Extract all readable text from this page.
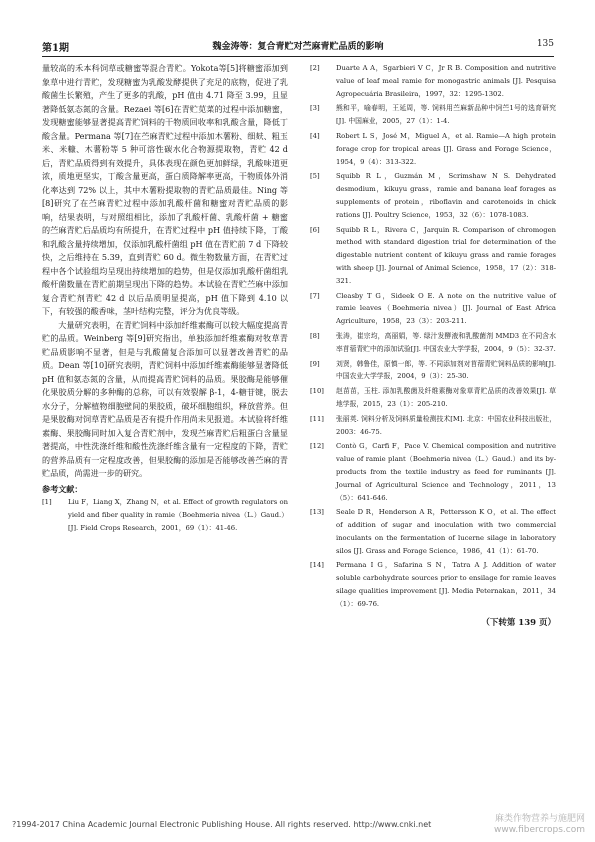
第1期	魏金涛等：复合青贮对苎麻青贮品质的影响	135

量较高的禾本科饲草或糖蜜等混合青贮。Yokota等[5]将糖蜜添加到象草中进行青贮，发现糖蜜为乳酸发酵提供了充足的底物，促进了乳酸菌生长繁殖，产生了更多的乳酸，pH 值由 4.71 降至 3.99，且显著降低氨态氮的含量。Rezaei 等[6]在青贮苋菜的过程中添加糖蜜，发现糖蜜能够显著提高青贮饲料的干物质回收率和乳酸含量，降低丁酸含量。Permana 等[7]在苎麻青贮过程中添加木薯粉、细麸、粗玉米、米糠、木薯粉等 5 种可溶性碳水化合物源提取物，青贮 42 d 后，青贮品质得到有效提升，具体表现在颜色更加鲜绿，乳酸味道更浓，质地更坚实，丁酸含量更高，蛋白质降解率更高，干物质体外消化率达到 72% 以上，其中木薯粉提取物的青贮品质最佳。Ning 等[8]研究了在苎麻青贮过程中添加乳酸杆菌和糖蜜对青贮品质的影响，结果表明，与对照组相比，添加了乳酸杆菌、乳酸杆菌 + 糖蜜的苎麻青贮后品质均有所提升，在青贮过程中 pH 值持续下降，丁酸和乳酸含量持续增加，仅添加乳酸杆菌组 pH 值在青贮前 7 d 下降较快，之后维持在 5.39，直到青贮 60 d。微生物数量方面，在青贮过程中各个试验组均呈现出持续增加的趋势，但是仅添加乳酸杆菌组乳酸杆菌数量在青贮前期呈现出下降的趋势。本试验在青贮苎麻中添加复合青贮剂青贮 42 d 以后品质明显提高，pH 值下降到 4.10 以下，有较强的酸香味，茎叶结构完整，评分为优良等级。

大量研究表明，在青贮饲料中添加纤维素酶可以较大幅度提高青贮的品质。Weinberg 等[9]研究指出，单独添加纤维素酶对牧草青贮品质影响不显著，但是与乳酸菌复合添加可以显著改善青贮的品质。Dean 等[10]研究表明，青贮饲料中添加纤维素酶能够显著降低 pH 值和氨态氮的含量，从而提高青贮饲料的品质。果胶酶是能够催化果胶质分解的多种酶的总称，可以有效裂解 β-1，4-糖苷键，脱去水分子，分解植物细胞壁间的果胶质，破坏细胞组织，释放营养。但是果胶酶对饲草青贮品质是否有提升作用尚未见报道。本试验将纤维素酶、果胶酶同时加入复合青贮剂中，发现苎麻青贮后粗蛋白含量显著提高，中性洗涤纤维和酸性洗涤纤维含量有一定程度的下降，青贮的营养品质有一定程度改善，但果胶酶的添加是否能够改善苎麻的青贮品质，尚需进一步的研究。

参考文献：

[1] Liu F，Liang X，Zhang N，et al. Effect of growth regulators on yield and fiber quality in ramie（Boehmeria nivea（L.）Gaud.）[J]. Field Crops Research，2001，69（1）：41-46.
[2] Duarte A A，Sgarbieri V C，Jr R B. Composition and nutritive value of leaf meal ramie for monogastric animals [J]. Pesquisa Agropecuária Brasileira，1997，32：1295-1302.
[3] 熊和平，喻春明，王延周，等. 饲料用苎麻新品种中饲苎1号的选育研究[J]. 中国麻业，2005，27（1）：1-4.
[4] Robert L S，José M，Miguel A，et al. Ramie—A high protein forage crop for tropical areas [J]. Grass and Forage Science，1954，9（4）：313-322.
[5] Squibb R L，Guzmán M，Scrimshaw N S. Dehydrated desmodium，kikuyu grass，ramie and banana leaf forages as supplements of protein，riboflavin and carotenoids in chick rations [J]. Poultry Science，1953，32（6）：1078-1083.
[6] Squibb R L，Rivera C，Jarquin R. Comparison of chromogen method with standard digestion trial for determination of the digestable nutrient content of kikuyu grass and ramie forages with sheep [J]. Journal of Animal Science，1958，17（2）：318-321.
[7] Cleasby T G，Sideek O E. A note on the nutritive value of ramie leaves（Boehmeria nivea）[J]. Journal of East Africa Agriculture，1958，23（3）：203-211.
[8] 张涛，崔宗均，高丽娟，等. 绿汁发酵液和乳酸菌剂 MMD3 在不同含水率苜蓿青贮中的添加试验[J]. 中国农业大学学报，2004，9（5）：32-37.
[9] 刘贤，韩鲁佳，原慎一郎，等. 不同添加剂对苜蓿青贮饲料品质的影响[J]. 中国农业大学学报，2004，9（3）：25-30.
[10] 赵苗苗，玉柱. 添加乳酸菌及纤维素酶对象草青贮品质的改善效果[J]. 草地学报，2015，23（1）：205-210.
[11] 张丽英. 饲料分析及饲料质量检测技术[M]. 北京：中国农业科技出版社，2003：46-75.
[12] Contò G，Carfi F，Pace V. Chemical composition and nutritive value of ramie plant（Boehmeria nivea（L.）Gaud.）and its by-products from the textile industry as feed for ruminants [J]. Journal of Agricultural Science and Technology，2011，13（5）：641-646.
[13] Seale D R，Henderson A R，Pettersson K O，et al. The effect of addition of sugar and inoculation with two commercial inoculants on the fermentation of lucerne silage in laboratory silos [J]. Grass and Forage Science，1986，41（1）：61-70.
[14] Permana I G，Safarina S N，Tatra A J. Addition of water soluble carbohydrate sources prior to ensilage for ramie leaves silage qualities improvement [J]. Media Peternakan，2011，34（1）：69-76.
（下转第 139 页）
?1994-2017 China Academic Journal Electronic Publishing House. All rights reserved. http://www.cnki.net
麻类作物营养与施肥网
www.fibercrops.com
